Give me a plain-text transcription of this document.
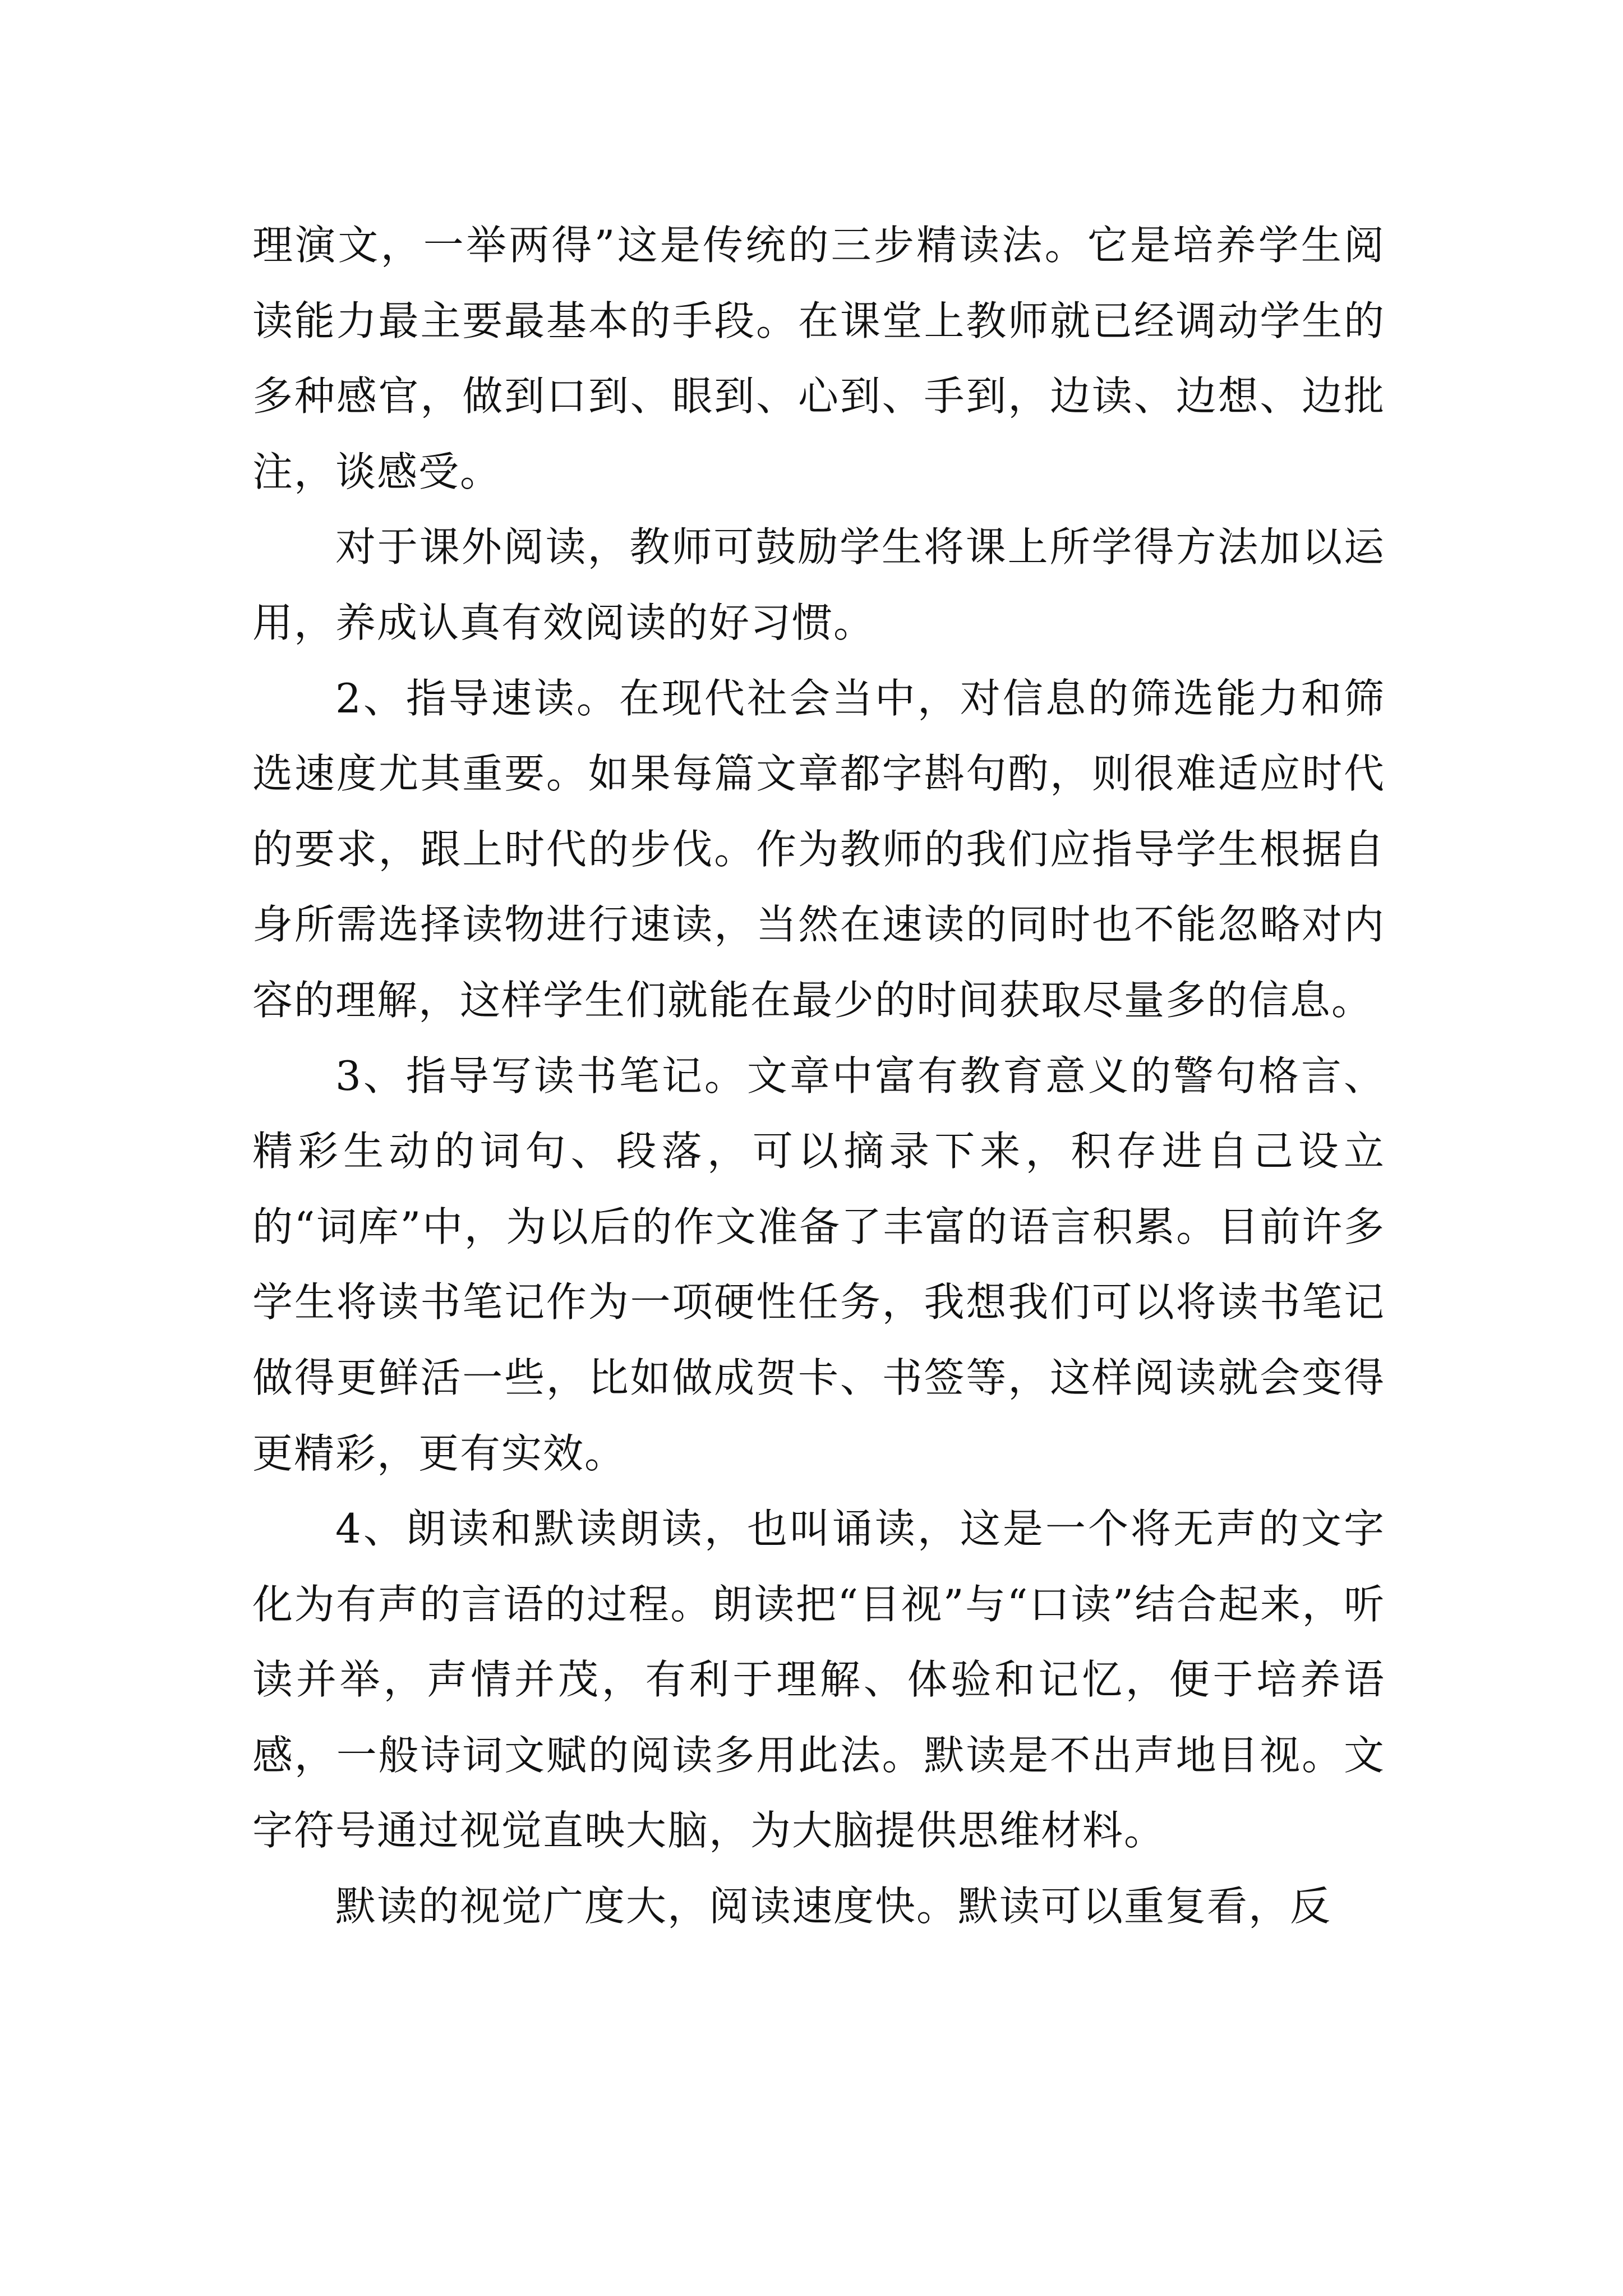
理演文，一举两得”这是传统的三步精读法。它是培养学生阅读能力最主要最基本的手段。在课堂上教师就已经调动学生的多种感官，做到口到、眼到、心到、手到，边读、边想、边批注，谈感受。

对于课外阅读，教师可鼓励学生将课上所学得方法加以运用，养成认真有效阅读的好习惯。

2、指导速读。在现代社会当中，对信息的筛选能力和筛选速度尤其重要。如果每篇文章都字斟句酌，则很难适应时代的要求，跟上时代的步伐。作为教师的我们应指导学生根据自身所需选择读物进行速读，当然在速读的同时也不能忽略对内容的理解，这样学生们就能在最少的时间获取尽量多的信息。

3、指导写读书笔记。文章中富有教育意义的警句格言、精彩生动的词句、段落，可以摘录下来，积存进自己设立的“词库”中，为以后的作文准备了丰富的语言积累。目前许多学生将读书笔记作为一项硬性任务，我想我们可以将读书笔记做得更鲜活一些，比如做成贺卡、书签等，这样阅读就会变得更精彩，更有实效。

4、朗读和默读朗读，也叫诵读，这是一个将无声的文字化为有声的言语的过程。朗读把“目视”与“口读”结合起来，听读并举，声情并茂，有利于理解、体验和记忆，便于培养语感，一般诗词文赋的阅读多用此法。默读是不出声地目视。文字符号通过视觉直映大脑，为大脑提供思维材料。

默读的视觉广度大，阅读速度快。默读可以重复看，反
